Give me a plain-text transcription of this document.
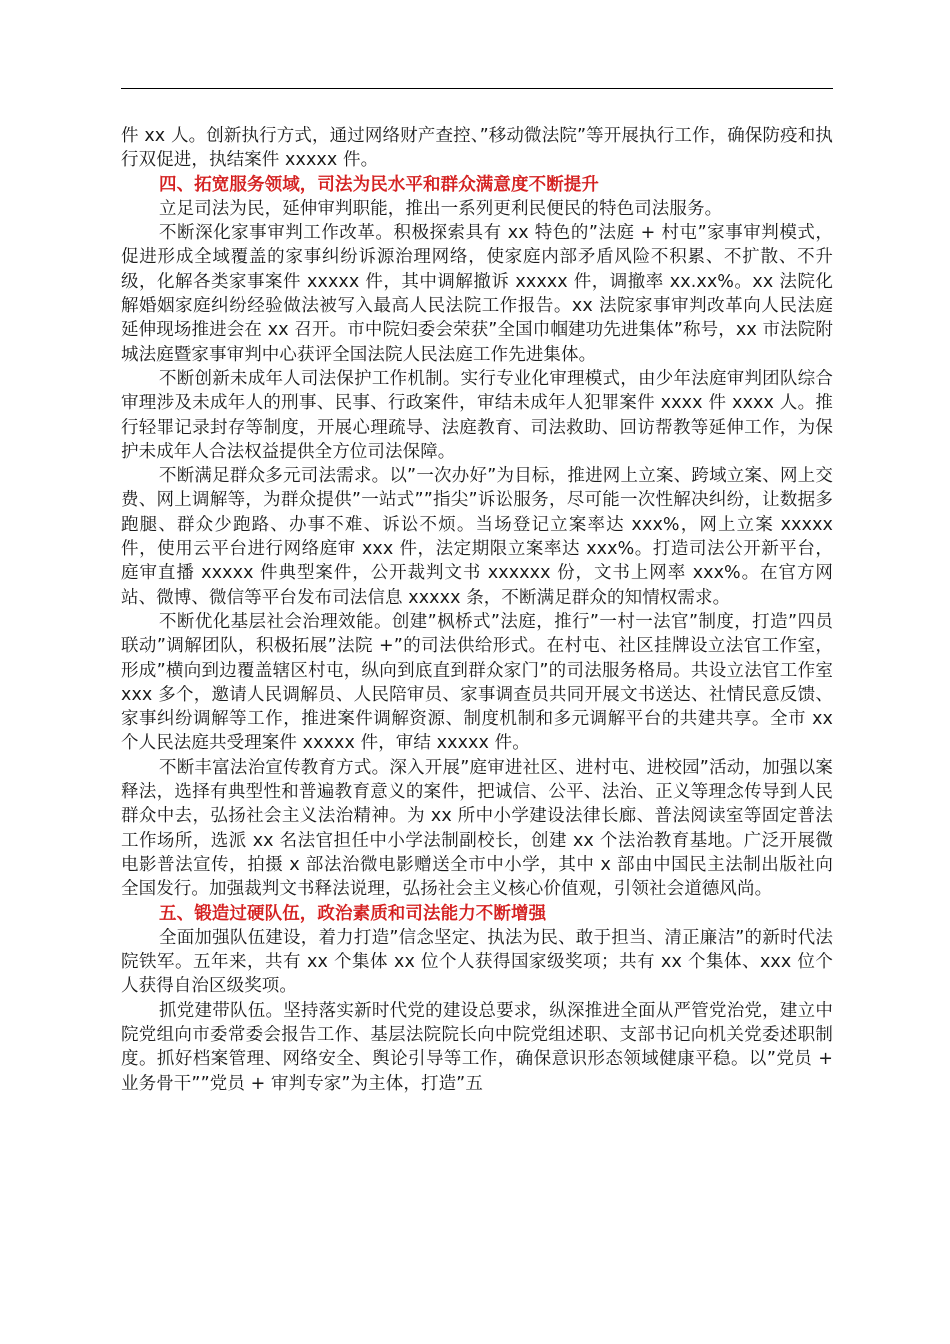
件 xx 人。创新执行方式，通过网络财产查控、”移动微法院”等开展执行工作，确保防疫和执行双促进，执结案件 xxxxx 件。

四、拓宽服务领域，司法为民水平和群众满意度不断提升

立足司法为民，延伸审判职能，推出一系列更利民便民的特色司法服务。

不断深化家事审判工作改革。积极探索具有 xx 特色的”法庭 + 村屯”家事审判模式，促进形成全域覆盖的家事纠纷诉源治理网络，使家庭内部矛盾风险不积累、不扩散、不升级，化解各类家事案件 xxxxx 件，其中调解撤诉 xxxxx 件，调撤率 xx.xx%。xx 法院化解婚姻家庭纠纷经验做法被写入最高人民法院工作报告。xx 法院家事审判改革向人民法庭延伸现场推进会在 xx 召开。市中院妇委会荣获”全国巾帼建功先进集体”称号，xx 市法院附城法庭暨家事审判中心获评全国法院人民法庭工作先进集体。

不断创新未成年人司法保护工作机制。实行专业化审理模式，由少年法庭审判团队综合审理涉及未成年人的刑事、民事、行政案件，审结未成年人犯罪案件 xxxx 件 xxxx 人。推行轻罪记录封存等制度，开展心理疏导、法庭教育、司法救助、回访帮教等延伸工作，为保护未成年人合法权益提供全方位司法保障。

不断满足群众多元司法需求。以”一次办好”为目标，推进网上立案、跨域立案、网上交费、网上调解等，为群众提供”一站式””指尖”诉讼服务，尽可能一次性解决纠纷，让数据多跑腿、群众少跑路、办事不难、诉讼不烦。当场登记立案率达 xxx%，网上立案 xxxxx 件，使用云平台进行网络庭审 xxx 件，法定期限立案率达 xxx%。打造司法公开新平台，庭审直播 xxxxx 件典型案件，公开裁判文书 xxxxxx 份，文书上网率 xxx%。在官方网站、微博、微信等平台发布司法信息 xxxxx 条，不断满足群众的知情权需求。

不断优化基层社会治理效能。创建”枫桥式”法庭，推行”一村一法官”制度，打造”四员联动”调解团队，积极拓展”法院 +”的司法供给形式。在村屯、社区挂牌设立法官工作室，形成”横向到边覆盖辖区村屯，纵向到底直到群众家门”的司法服务格局。共设立法官工作室 xxx 多个，邀请人民调解员、人民陪审员、家事调查员共同开展文书送达、社情民意反馈、家事纠纷调解等工作，推进案件调解资源、制度机制和多元调解平台的共建共享。全市 xx 个人民法庭共受理案件 xxxxx 件，审结 xxxxx 件。

不断丰富法治宣传教育方式。深入开展”庭审进社区、进村屯、进校园”活动，加强以案释法，选择有典型性和普遍教育意义的案件，把诚信、公平、法治、正义等理念传导到人民群众中去，弘扬社会主义法治精神。为 xx 所中小学建设法律长廊、普法阅读室等固定普法工作场所，选派 xx 名法官担任中小学法制副校长，创建 xx 个法治教育基地。广泛开展微电影普法宣传，拍摄 x 部法治微电影赠送全市中小学，其中 x 部由中国民主法制出版社向全国发行。加强裁判文书释法说理，弘扬社会主义核心价值观，引领社会道德风尚。

五、锻造过硬队伍，政治素质和司法能力不断增强

全面加强队伍建设，着力打造”信念坚定、执法为民、敢于担当、清正廉洁”的新时代法院铁军。五年来，共有 xx 个集体 xx 位个人获得国家级奖项；共有 xx 个集体、xxx 位个人获得自治区级奖项。

抓党建带队伍。坚持落实新时代党的建设总要求，纵深推进全面从严管党治党，建立中院党组向市委常委会报告工作、基层法院院长向中院党组述职、支部书记向机关党委述职制度。抓好档案管理、网络安全、舆论引导等工作，确保意识形态领域健康平稳。以”党员 + 业务骨干””党员 + 审判专家”为主体，打造”五
